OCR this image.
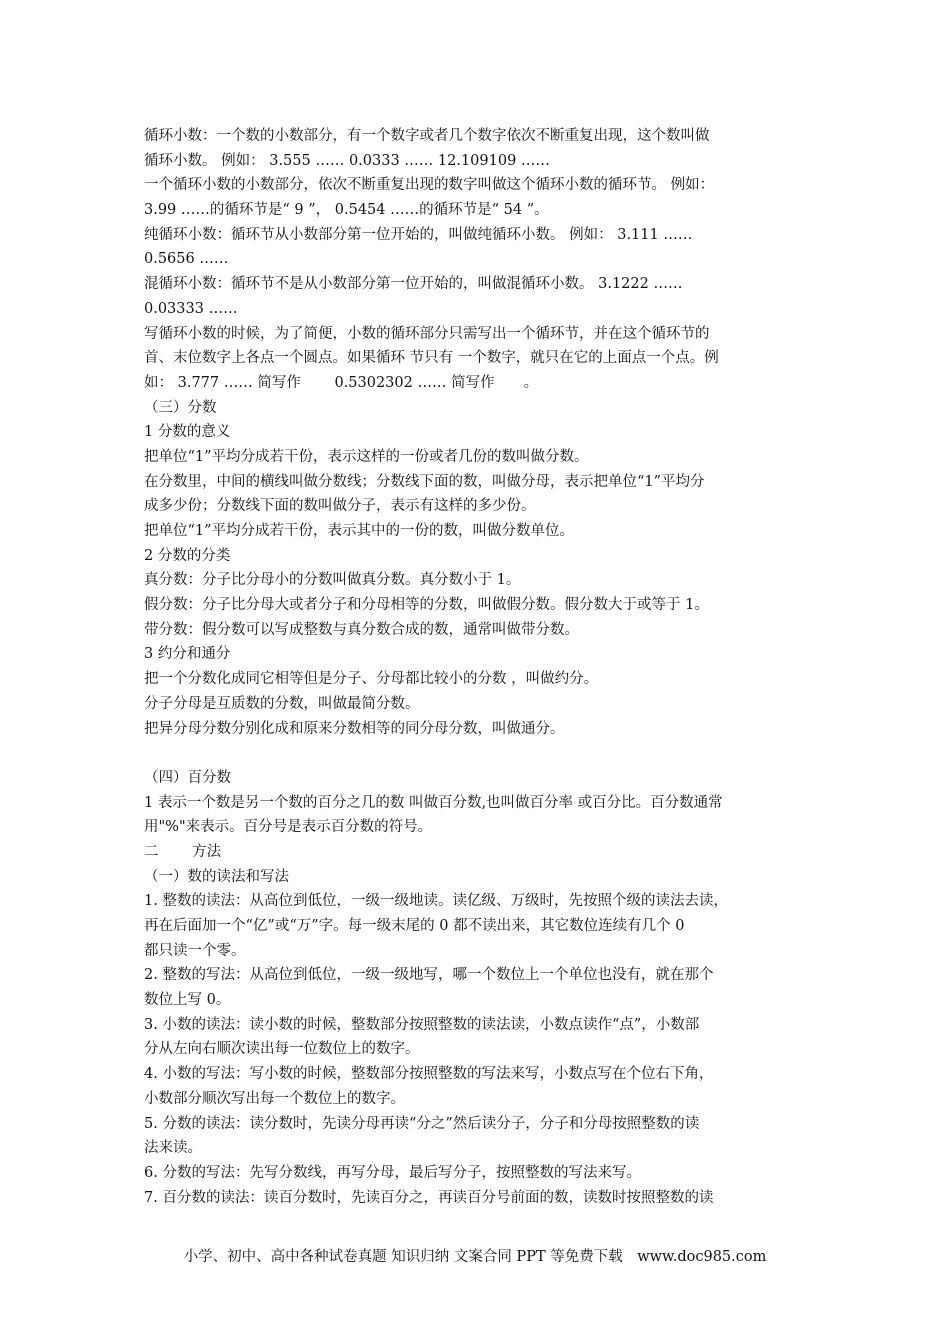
循环小数：一个数的小数部分，有一个数字或者几个数字依次不断重复出现，这个数叫做
循环小数。 例如： 3.555 …… 0.0333 …… 12.109109 ……
一个循环小数的小数部分，依次不断重复出现的数字叫做这个循环小数的循环节。 例如：
3.99 ……的循环节是“ 9 ”， 0.5454 ……的循环节是“ 54 ”。
纯循环小数：循环节从小数部分第一位开始的，叫做纯循环小数。 例如： 3.111 ……
0.5656 ……
混循环小数：循环节不是从小数部分第一位开始的，叫做混循环小数。 3.1222 ……
0.03333 ……
写循环小数的时候，为了简便，小数的循环部分只需写出一个循环节，并在这个循环节的
首、末位数字上各点一个圆点。如果循环 节只有 一个数字，就只在它的上面点一个点。例
如： 3.777 …… 简写作　　 0.5302302 …… 简写作　　。
（三）分数
1 分数的意义
把单位“1”平均分成若干份，表示这样的一份或者几份的数叫做分数。
在分数里，中间的横线叫做分数线；分数线下面的数，叫做分母，表示把单位“1”平均分
成多少份；分数线下面的数叫做分子，表示有这样的多少份。
把单位“1”平均分成若干份，表示其中的一份的数，叫做分数单位。
2 分数的分类
真分数：分子比分母小的分数叫做真分数。真分数小于 1。
假分数：分子比分母大或者分子和分母相等的分数，叫做假分数。假分数大于或等于 1。
带分数：假分数可以写成整数与真分数合成的数，通常叫做带分数。
3 约分和通分
把一个分数化成同它相等但是分子、分母都比较小的分数 ，叫做约分。
分子分母是互质数的分数，叫做最简分数。
把异分母分数分别化成和原来分数相等的同分母分数，叫做通分。
（四）百分数
1 表示一个数是另一个数的百分之几的数 叫做百分数,也叫做百分率 或百分比。百分数通常
用"%"来表示。百分号是表示百分数的符号。
二　　 方法
（一）数的读法和写法
1. 整数的读法：从高位到低位，一级一级地读。读亿级、万级时，先按照个级的读法去读，
再在后面加一个“亿”或“万”字。每一级末尾的 0 都不读出来，其它数位连续有几个 0
都只读一个零。
2. 整数的写法：从高位到低位，一级一级地写，哪一个数位上一个单位也没有，就在那个
数位上写 0。
3. 小数的读法：读小数的时候，整数部分按照整数的读法读，小数点读作“点”，小数部
分从左向右顺次读出每一位数位上的数字。
4. 小数的写法：写小数的时候，整数部分按照整数的写法来写，小数点写在个位右下角，
小数部分顺次写出每一个数位上的数字。
5. 分数的读法：读分数时，先读分母再读“分之”然后读分子，分子和分母按照整数的读
法来读。
6. 分数的写法：先写分数线，再写分母，最后写分子，按照整数的写法来写。
7. 百分数的读法：读百分数时，先读百分之，再读百分号前面的数，读数时按照整数的读
小学、初中、高中各种试卷真题 知识归纳 文案合同 PPT 等免费下载　www.doc985.com
